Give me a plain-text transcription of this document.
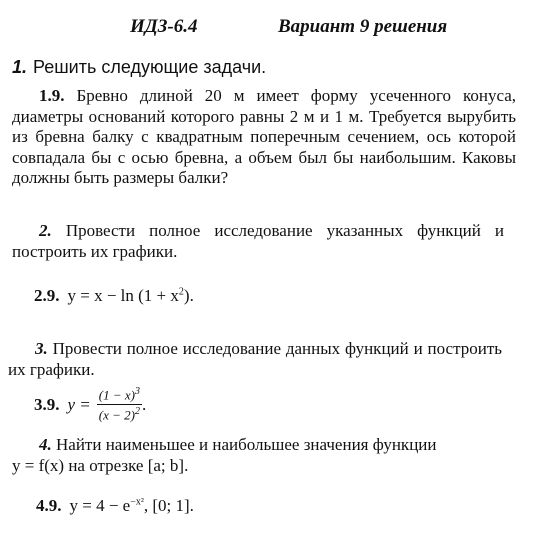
ИДЗ-6.4	Вариант 9 решения
1. Решить следующие задачи.
1.9. Бревно длиной 20 м имеет форму усеченного конуса, диаметры оснований которого равны 2 м и 1 м. Требуется вырубить из бревна балку с квадратным поперечным сечением, ось которой совпадала бы с осью бревна, а объем был бы наибольшим. Каковы должны быть размеры балки?
2. Провести полное исследование указанных функций и построить их графики.
2.9. $y = x - \ln (1 + x^2)$.
3. Провести полное исследование данных функций и построить их графики.
3.9. $y = \frac{(1 - x)^3}{(x - 2)^2}$ .
4. Найти наименьшее и наибольшее значения функции
y = f(x) на отрезке [a; b].
4.9. $y = 4 - e^{-x^2}$, [0; 1].
